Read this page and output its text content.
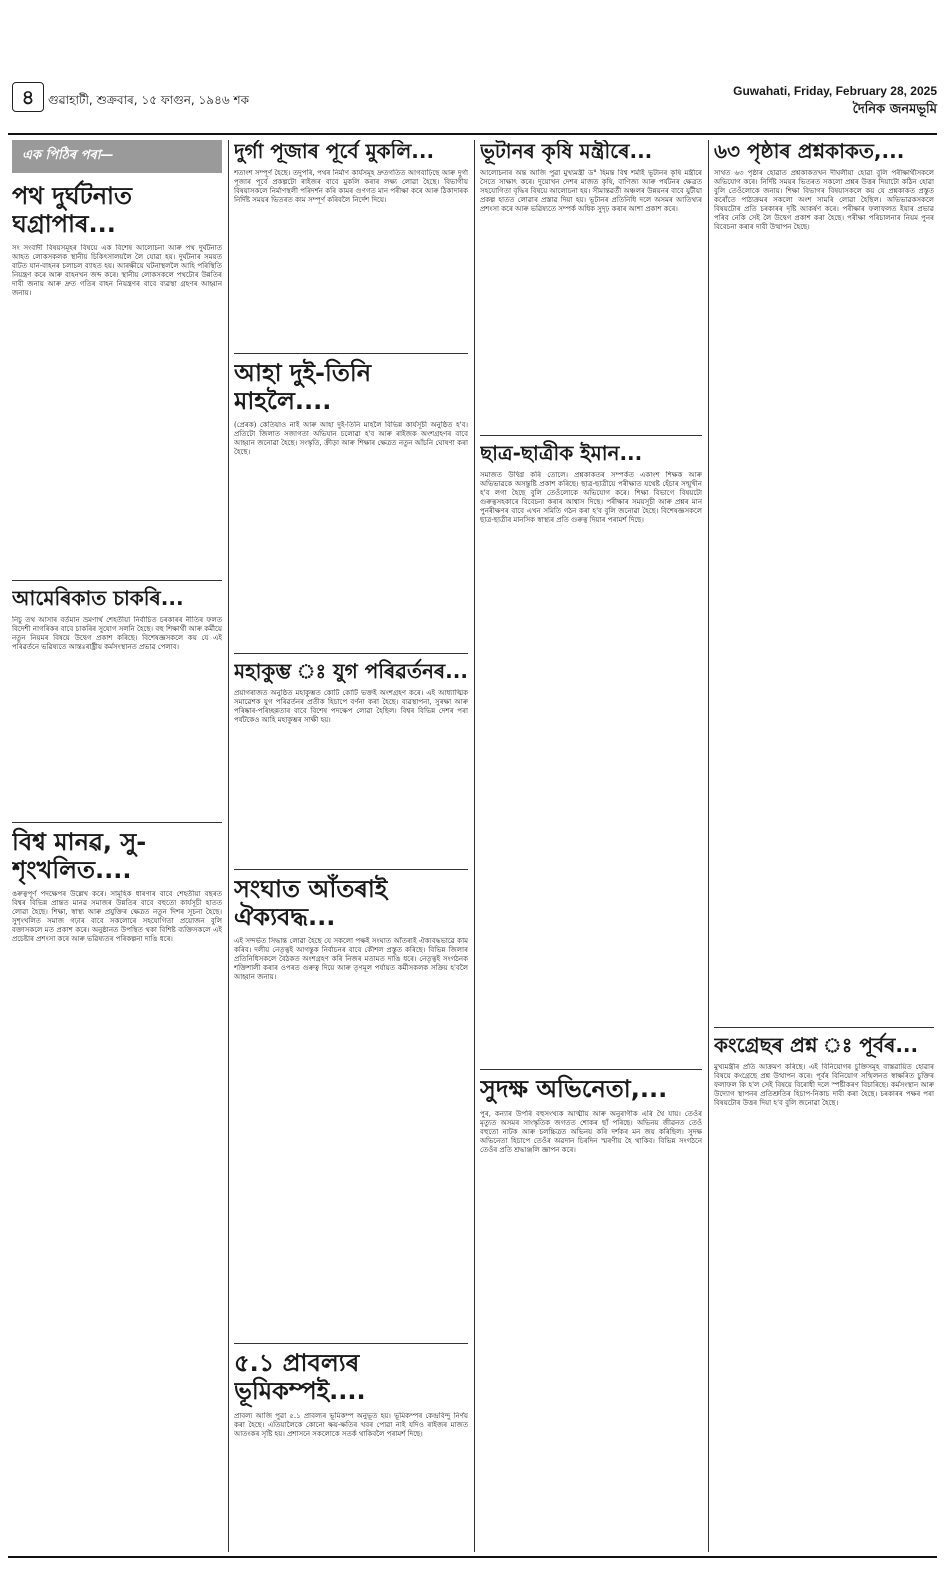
৪	গুৱাহাটী, শুক্ৰবাৰ, ১৫ ফাগুন, ১৯৪৬ শক
Guwahati, Friday, February 28, 2025
দৈনিক জনমভূমি
এক পিঠিৰ পৰা—
পথ দুৰ্ঘটনাত ঘগ্ৰাপাৰ...

সং সংবাদী বিষয়সমূহৰ বিষয়ে এক বিশেষ আলোচনা আৰু পথ দুৰ্ঘটনাত আহত লোকসকলক স্থানীয় চিকিৎসালয়লৈ লৈ যোৱা হয়। দুৰ্ঘটনাৰ সময়ত বাটত যান-বাহনৰ চলাচল ব্যাহত হয়। আৰক্ষীয়ে ঘটনাস্থললৈ আহি পৰিস্থিতি নিয়ন্ত্ৰণ কৰে আৰু বাহনখন জব্দ কৰে। স্থানীয় লোকসকলে পথটোৰ উন্নতিৰ দাবী জনায় আৰু দ্ৰুত গতিৰ বাহন নিয়ন্ত্ৰণৰ বাবে ব্যৱস্থা গ্ৰহণৰ আহ্বান জনায়।

আমেৰিকাত চাকৰি...

নিচু তথ আসাৰ বৰ্তমান ভ্ৰমণাৰ্থ শেহতীয়া নিৰ্বাচিত চৰকাৰৰ নীতিৰ ফলত বিদেশী নাগৰিকৰ বাবে চাকৰিৰ সুযোগ সলনি হৈছে। বহু শিক্ষাৰ্থী আৰু কৰ্মীয়ে নতুন নিয়মৰ বিষয়ে উদ্বেগ প্ৰকাশ কৰিছে। বিশেষজ্ঞসকলে কয় যে এই পৰিৱৰ্তনে ভৱিষ্যতে আন্তঃৰাষ্ট্ৰীয় কৰ্মসংস্থানত প্ৰভাৱ পেলাব।

বিশ্ব মানৱ, সু-শৃংখলিত....

ঙৰুত্বপূৰ্ণ পদক্ষেপৰ উল্লেখ কৰে। সামূহিক ধাৰণাৰ বাবে শেহতীয়া বছৰত বিশ্বৰ বিভিন্ন প্ৰান্তত মানৱ সমাজৰ উন্নতিৰ বাবে বহুতো কাৰ্যসূচী হাতত লোৱা হৈছে। শিক্ষা, স্বাস্থ্য আৰু প্ৰযুক্তিৰ ক্ষেত্ৰত নতুন দিশৰ সূচনা হৈছে। সুশৃংখলিত সমাজ গঢ়াৰ বাবে সকলোৰে সহযোগিতা প্ৰয়োজন বুলি বক্তাসকলে মত প্ৰকাশ কৰে। অনুষ্ঠানত উপস্থিত থকা বিশিষ্ট ব্যক্তিসকলে এই প্ৰচেষ্টাৰ প্ৰশংসা কৰে আৰু ভৱিষ্যতৰ পৰিকল্পনা দাঙি ধৰে।

দুৰ্গা পূজাৰ পূৰ্বে মুকলি...

শতাংশ সম্পূৰ্ণ হৈছে। তদুপৰি, পথৰ নিৰ্মাণ কাৰ্যসমূহ দ্ৰুতগতিত আগবাঢ়িছে আৰু দুৰ্গা পূজাৰ পূৰ্বে প্ৰকল্পটো ৰাইজৰ বাবে মুকলি কৰাৰ লক্ষ্য লোৱা হৈছে। বিভাগীয় বিষয়াসকলে নিৰ্মাণস্থলী পৰিদৰ্শন কৰি কামৰ গুণগত মান পৰীক্ষা কৰে আৰু ঠিকাদাৰক নিৰ্দিষ্ট সময়ৰ ভিতৰত কাম সম্পূৰ্ণ কৰিবলৈ নিৰ্দেশ দিয়ে।

আহা দুই-তিনি মাহলৈ....

(প্ৰেৰক) কেতিয়াও নাই আৰু আহা দুই-তিনি মাহলৈ বিভিন্ন কাৰ্যসূচী অনুষ্ঠিত হ'ব। প্ৰতিটো জিলাত সজাগতা অভিযান চলোৱা হ'ব আৰু ৰাইজক অংশগ্ৰহণৰ বাবে আহ্বান জনোৱা হৈছে। সংস্কৃতি, ক্ৰীড়া আৰু শিক্ষাৰ ক্ষেত্ৰত নতুন আঁচনি ঘোষণা কৰা হৈছে।

মহাকুম্ভ ঃ যুগ পৰিৱৰ্তনৰ...

প্ৰয়াগৰাজত অনুষ্ঠিত মহাকুম্ভত কোটি কোটি ভক্তই অংশগ্ৰহণ কৰে। এই আধ্যাত্মিক সমাৱেশক যুগ পৰিৱৰ্তনৰ প্ৰতীক হিচাপে বৰ্ণনা কৰা হৈছে। ব্যৱস্থাপনা, সুৰক্ষা আৰু পৰিষ্কাৰ-পৰিচ্ছন্নতাৰ বাবে বিশেষ পদক্ষেপ লোৱা হৈছিল। বিশ্বৰ বিভিন্ন দেশৰ পৰা পৰ্যটকেও আহি মহাকুম্ভৰ সাক্ষী হয়।

সংঘাত আঁতৰাই ঐক্যবদ্ধ...

এই সন্দৰ্ভত সিদ্ধান্ত লোৱা হৈছে যে সকলো পক্ষই সংঘাত আঁতৰাই ঐক্যবদ্ধভাৱে কাম কৰিব। দলীয় নেতৃত্বই আগন্তুক নিৰ্বাচনৰ বাবে কৌশল প্ৰস্তুত কৰিছে। বিভিন্ন জিলাৰ প্ৰতিনিধিসকলে বৈঠকত অংশগ্ৰহণ কৰি নিজৰ মতামত দাঙি ধৰে। নেতৃত্বই সংগঠনক শক্তিশালী কৰাৰ ওপৰত গুৰুত্ব দিয়ে আৰু তৃণমূল পৰ্যায়ত কৰ্মীসকলক সক্ৰিয় হ'বলৈ আহ্বান জনায়।

৫.১ প্ৰাবল্যৰ ভূমিকম্পই....

প্ৰাবল্য আজি পুৱা ৫.১ প্ৰাবল্যৰ ভূমিকম্প অনুভূত হয়। ভূমিকম্পৰ কেন্দ্ৰবিন্দু নিৰ্ণয় কৰা হৈছে। এতিয়ালৈকে কোনো ক্ষয়-ক্ষতিৰ খবৰ পোৱা নাই যদিও ৰাইজৰ মাজত আতংকৰ সৃষ্টি হয়। প্ৰশাসনে সকলোকে সতৰ্ক থাকিবলৈ পৰামৰ্শ দিছে।

ভূটানৰ কৃষি মন্ত্ৰীৰে...

আলোচনাৰ অন্ত আজি পুৱা মুখ্যমন্ত্ৰী ড° হিমন্ত বিশ্ব শৰ্মাই ভূটানৰ কৃষি মন্ত্ৰীৰে সৈতে সাক্ষাৎ কৰে। দুয়োখন দেশৰ মাজত কৃষি, বাণিজ্য আৰু পৰ্যটনৰ ক্ষেত্ৰত সহযোগিতা বৃদ্ধিৰ বিষয়ে আলোচনা হয়। সীমান্তৱৰ্তী অঞ্চলৰ উন্নয়নৰ বাবে যুটীয়া প্ৰকল্প হাতত লোৱাৰ প্ৰস্তাৱ দিয়া হয়। ভূটানৰ প্ৰতিনিধি দলে অসমৰ আতিথ্যৰ প্ৰশংসা কৰে আৰু ভৱিষ্যতে সম্পৰ্ক অধিক সুদৃঢ় কৰাৰ আশা প্ৰকাশ কৰে।

ছাত্ৰ-ছাত্ৰীক ইমান...

সমাজত উদ্বিগ্ন কৰি তোলে। প্ৰশ্নকাকতৰ সম্পৰ্কত একাংশ শিক্ষক আৰু অভিভাৱকে অসন্তুষ্টি প্ৰকাশ কৰিছে। ছাত্ৰ-ছাত্ৰীয়ে পৰীক্ষাত যথেষ্ট হেঁচাৰ সন্মুখীন হ'ব লগা হৈছে বুলি তেওঁলোকে অভিযোগ কৰে। শিক্ষা বিভাগে বিষয়টো গুৰুত্বসহকাৰে বিবেচনা কৰাৰ আশ্বাস দিছে। পৰীক্ষাৰ সময়সূচী আৰু প্ৰশ্নৰ মান পুনৰীক্ষণৰ বাবে এখন সমিতি গঠন কৰা হ'ব বুলি জনোৱা হৈছে। বিশেষজ্ঞসকলে ছাত্ৰ-ছাত্ৰীৰ মানসিক স্বাস্থ্যৰ প্ৰতি গুৰুত্ব দিয়াৰ পৰামৰ্শ দিছে।

সুদক্ষ অভিনেতা,...

পুৰ, কন্যাৰ উপৰি বহুসংখ্যক আত্মীয় আৰু অনুৰাগীক এৰি থৈ যায়। তেওঁৰ মৃত্যুত অসমৰ সাংস্কৃতিক জগতত শোকৰ ছাঁ পৰিছে। অভিনয় জীৱনত তেওঁ বহুতো নাটক আৰু চলচ্চিত্ৰত অভিনয় কৰি দৰ্শকৰ মন জয় কৰিছিল। সুদক্ষ অভিনেতা হিচাপে তেওঁৰ অৱদান চিৰদিন স্মৰণীয় হৈ থাকিব। বিভিন্ন সংগঠনে তেওঁৰ প্ৰতি শ্ৰদ্ধাঞ্জলি জ্ঞাপন কৰে।

৬৩ পৃষ্ঠাৰ প্ৰশ্নকাকত,...

সাথত ৬৩ পৃষ্ঠাৰ হোৱাত প্ৰশ্নকাকতখন দীঘলীয়া হোৱা বুলি পৰীক্ষাৰ্থীসকলে অভিযোগ কৰে। নিৰ্দিষ্ট সময়ৰ ভিতৰত সকলো প্ৰশ্নৰ উত্তৰ দিয়াটো কঠিন হোৱা বুলি তেওঁলোকে জনায়। শিক্ষা বিভাগৰ বিষয়াসকলে কয় যে প্ৰশ্নকাকত প্ৰস্তুত কৰোঁতে পাঠ্যক্ৰমৰ সকলো অংশ সামৰি লোৱা হৈছিল। অভিভাৱকসকলে বিষয়টোৰ প্ৰতি চৰকাৰৰ দৃষ্টি আকৰ্ষণ কৰে। পৰীক্ষাৰ ফলাফলত ইয়াৰ প্ৰভাৱ পৰিব নেকি সেই লৈ উদ্বেগ প্ৰকাশ কৰা হৈছে। পৰীক্ষা পৰিচালনাৰ নিয়ম পুনৰ বিবেচনা কৰাৰ দাবী উত্থাপন হৈছে।

কংগ্ৰেছৰ প্ৰশ্ন ঃ পূৰ্বৰ...

মুখ্যমন্ত্ৰীৰ প্ৰতি আক্ৰমণ কৰিছে। এই বিনিয়োগৰ চুক্তিসমূহ বাস্তৱায়িত হোৱাৰ বিষয়ে কংগ্ৰেছে প্ৰশ্ন উত্থাপন কৰে। পূৰ্বৰ বিনিয়োগ সন্মিলনত স্বাক্ষৰিত চুক্তিৰ ফলাফল কি হ'ল সেই বিষয়ে বিৰোধী দলে স্পষ্টীকৰণ বিচাৰিছে। কৰ্মসংস্থান আৰু উদ্যোগ স্থাপনৰ প্ৰতিশ্ৰুতিৰ হিচাপ-নিকাচ দাবী কৰা হৈছে। চৰকাৰৰ পক্ষৰ পৰা বিষয়টোৰ উত্তৰ দিয়া হ'ব বুলি জনোৱা হৈছে।
